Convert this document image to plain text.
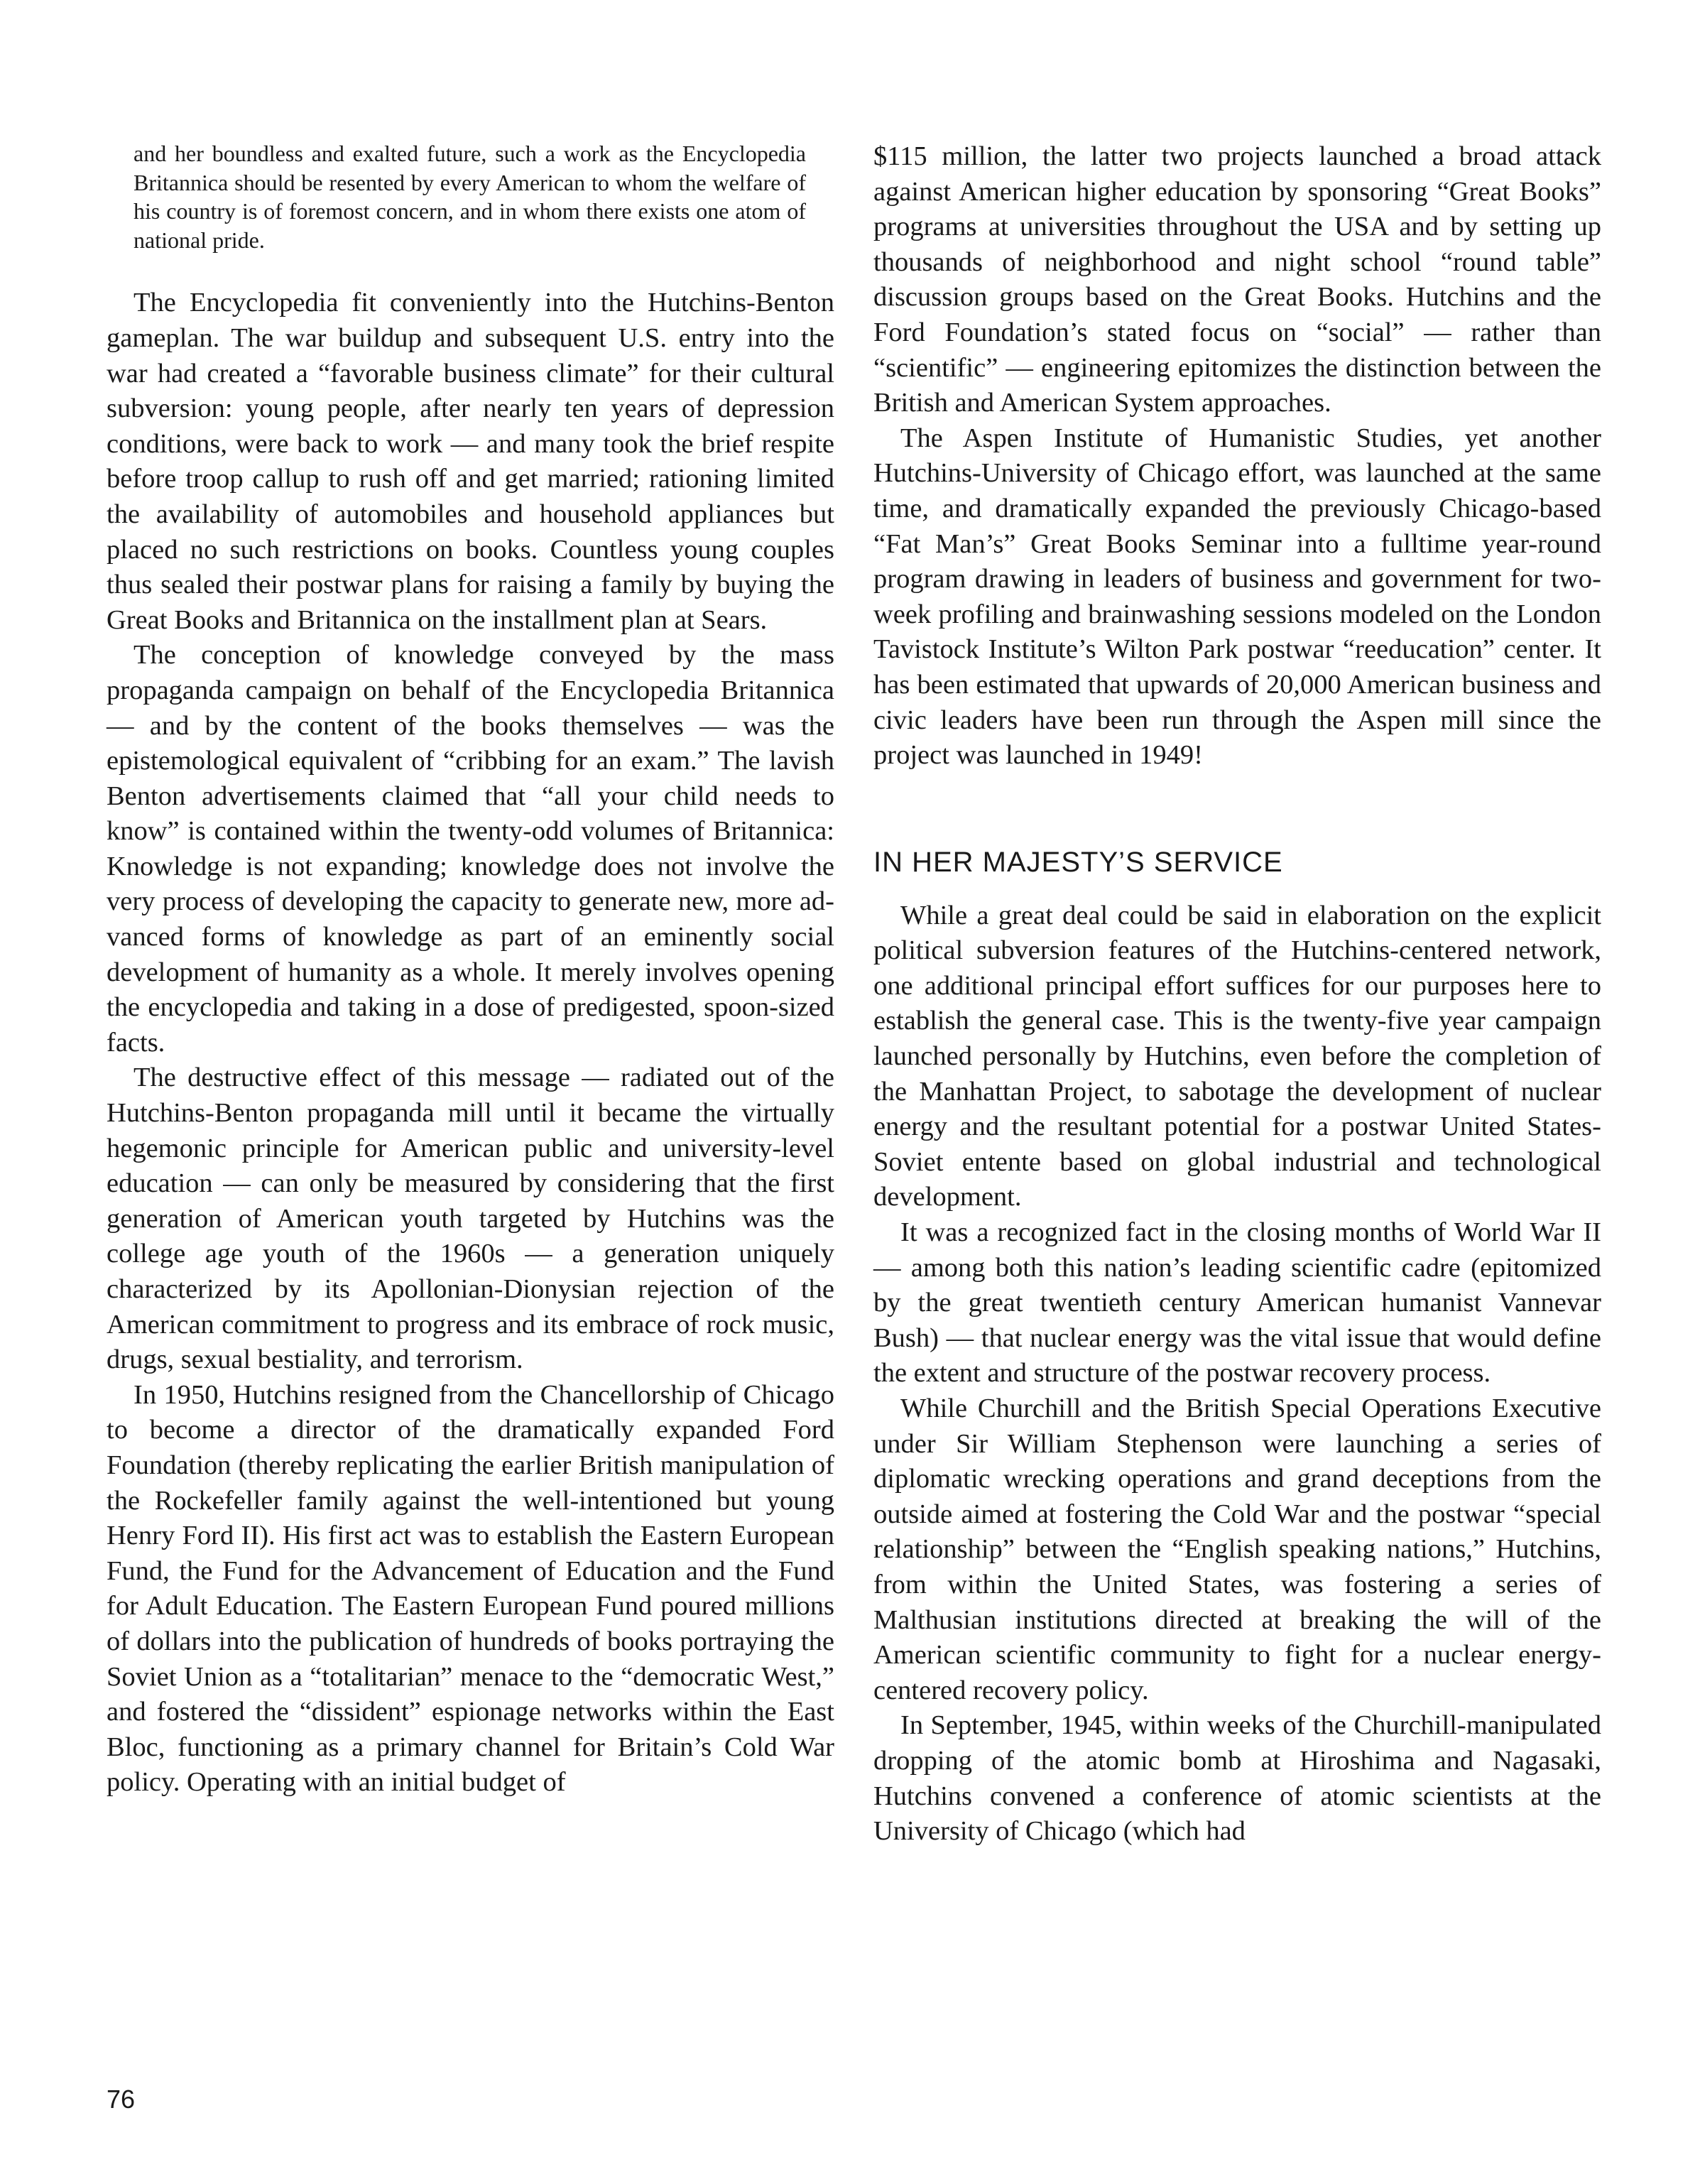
and her boundless and exalted future, such a work as the Encyclopedia Britannica should be resented by every American to whom the welfare of his country is of foremost concern, and in whom there exists one atom of national pride.

The Encyclopedia fit conveniently into the Hutchins-Benton gameplan. The war buildup and subsequent U.S. entry into the war had created a “favorable business climate” for their cultural subversion: young people, after nearly ten years of depression conditions, were back to work — and many took the brief respite before troop callup to rush off and get married; rationing limited the availability of automobiles and household appliances but placed no such restrictions on books. Countless young couples thus sealed their postwar plans for raising a family by buying the Great Books and Britannica on the installment plan at Sears.

The conception of knowledge conveyed by the mass propaganda campaign on behalf of the Encyclopedia Britannica — and by the content of the books themselves — was the epistemological equivalent of “cribbing for an exam.” The lavish Benton advertisements claimed that “all your child needs to know” is contained within the twenty-odd volumes of Britannica: Knowledge is not expanding; knowledge does not involve the very process of developing the capacity to generate new, more advanced forms of knowledge as part of an eminently social development of humanity as a whole. It merely involves opening the encyclopedia and taking in a dose of predigested, spoon-sized facts.

The destructive effect of this message — radiated out of the Hutchins-Benton propaganda mill until it became the virtually hegemonic principle for American public and university-level education — can only be measured by considering that the first generation of American youth targeted by Hutchins was the college age youth of the 1960s — a generation uniquely characterized by its Apollonian-Dionysian rejection of the American commitment to progress and its embrace of rock music, drugs, sexual bestiality, and terrorism.

In 1950, Hutchins resigned from the Chancellorship of Chicago to become a director of the dramatically expanded Ford Foundation (thereby replicating the earlier British manipulation of the Rockefeller family against the well-intentioned but young Henry Ford II). His first act was to establish the Eastern European Fund, the Fund for the Advancement of Education and the Fund for Adult Education. The Eastern European Fund poured millions of dollars into the publication of hundreds of books portraying the Soviet Union as a “totalitarian” menace to the “democratic West,” and fostered the “dissident” espionage networks within the East Bloc, functioning as a primary channel for Britain’s Cold War policy. Operating with an initial budget of

$115 million, the latter two projects launched a broad attack against American higher education by sponsoring “Great Books” programs at universities throughout the USA and by setting up thousands of neighborhood and night school “round table” discussion groups based on the Great Books. Hutchins and the Ford Foundation’s stated focus on “social” — rather than “scientific” — engineering epitomizes the distinction between the British and American System approaches.

The Aspen Institute of Humanistic Studies, yet another Hutchins-University of Chicago effort, was launched at the same time, and dramatically expanded the previously Chicago-based “Fat Man’s” Great Books Seminar into a fulltime year-round program drawing in leaders of business and government for two-week profiling and brainwashing sessions modeled on the London Tavistock Institute’s Wilton Park postwar “reeducation” center. It has been estimated that upwards of 20,000 American business and civic leaders have been run through the Aspen mill since the project was launched in 1949!

IN HER MAJESTY’S SERVICE

While a great deal could be said in elaboration on the explicit political subversion features of the Hutchins-centered network, one additional principal effort suffices for our purposes here to establish the general case. This is the twenty-five year campaign launched personally by Hutchins, even before the completion of the Manhattan Project, to sabotage the development of nuclear energy and the resultant potential for a postwar United States-Soviet entente based on global industrial and technological development.

It was a recognized fact in the closing months of World War II — among both this nation’s leading scientific cadre (epitomized by the great twentieth century American humanist Vannevar Bush) — that nuclear energy was the vital issue that would define the extent and structure of the postwar recovery process.

While Churchill and the British Special Operations Executive under Sir William Stephenson were launching a series of diplomatic wrecking operations and grand deceptions from the outside aimed at fostering the Cold War and the postwar “special relationship” between the “English speaking nations,” Hutchins, from within the United States, was fostering a series of Malthusian institutions directed at breaking the will of the American scientific community to fight for a nuclear energy-centered recovery policy.

In September, 1945, within weeks of the Churchill-manipulated dropping of the atomic bomb at Hiroshima and Nagasaki, Hutchins convened a conference of atomic scientists at the University of Chicago (which had

76
